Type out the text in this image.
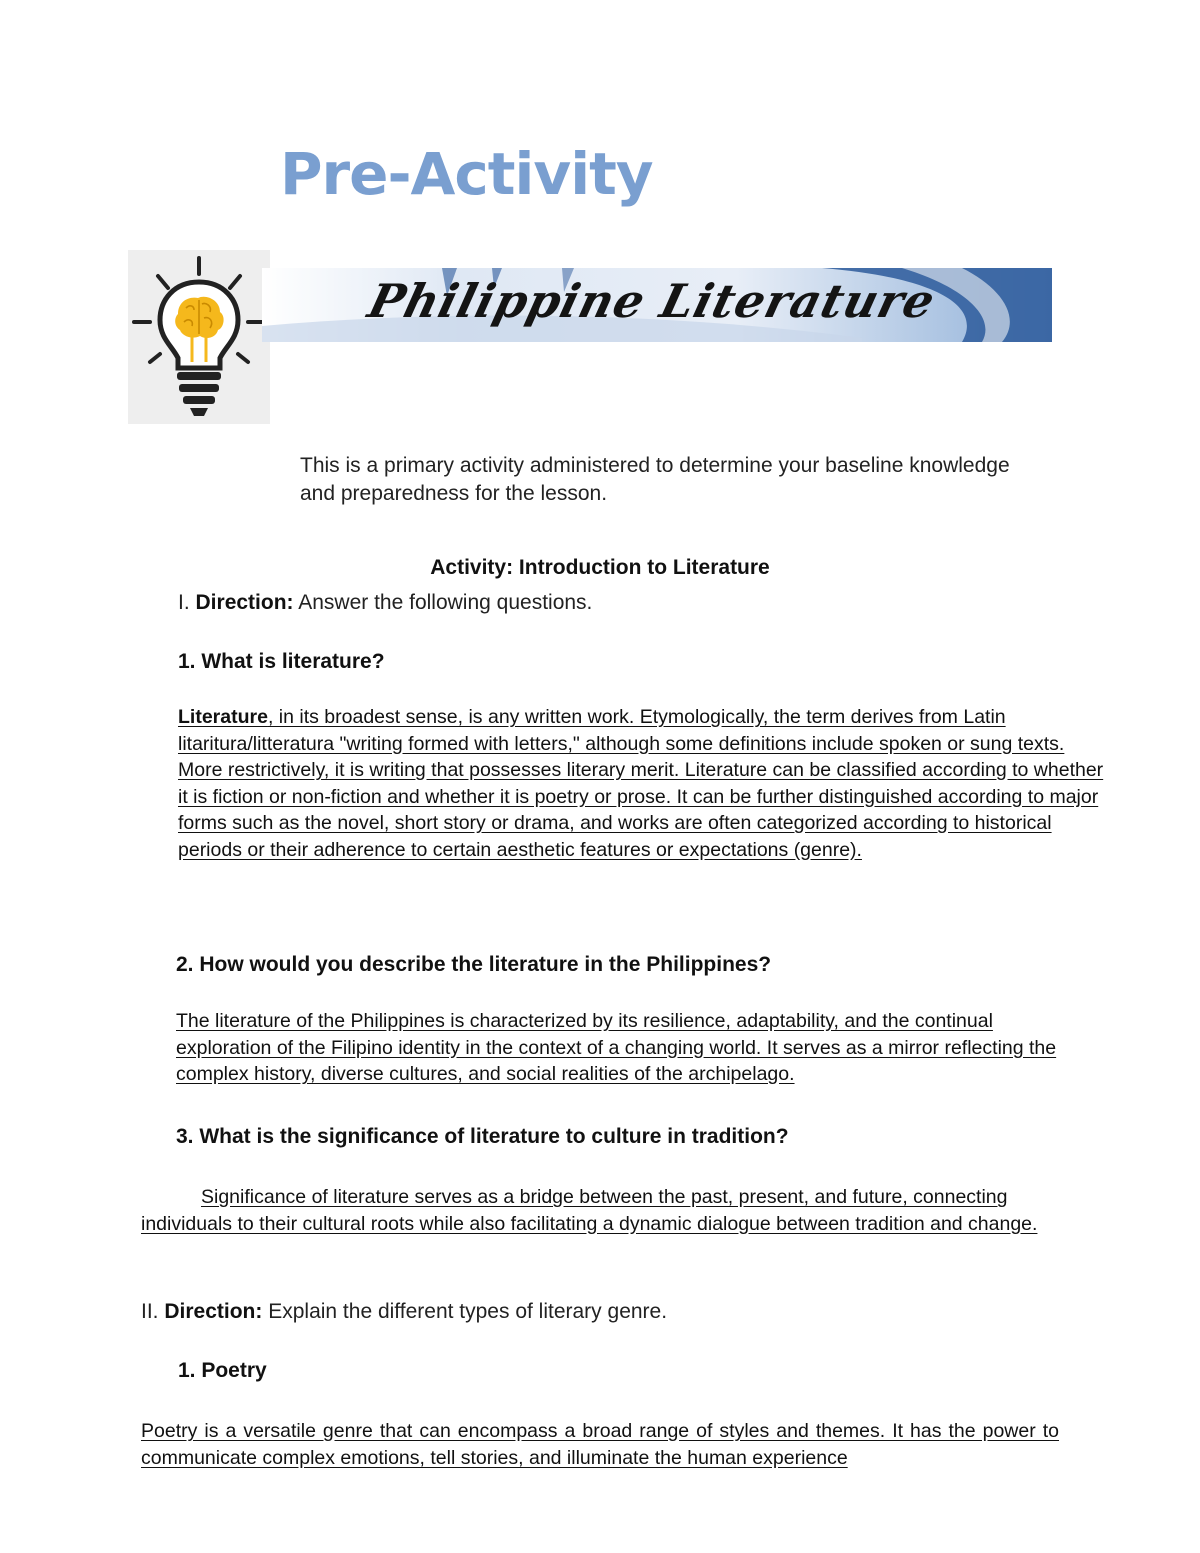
Pre-Activity
Philippine Literature
This is a primary activity administered to determine your baseline knowledge and preparedness for the lesson.
Activity: Introduction to Literature
I. Direction: Answer the following questions.
1. What is literature?
Literature, in its broadest sense, is any written work. Etymologically, the term derives from Latin litaritura/litteratura "writing formed with letters," although some definitions include spoken or sung texts. More restrictively, it is writing that possesses literary merit. Literature can be classified according to whether it is fiction or non-fiction and whether it is poetry or prose. It can be further distinguished according to major forms such as the novel, short story or drama, and works are often categorized according to historical periods or their adherence to certain aesthetic features or expectations (genre).
2. How would you describe the literature in the Philippines?
The literature of the Philippines is characterized by its resilience, adaptability, and the continual exploration of the Filipino identity in the context of a changing world. It serves as a mirror reflecting the complex history, diverse cultures, and social realities of the archipelago.
3. What is the significance of literature to culture in tradition?
Significance of literature serves as a bridge between the past, present, and future, connecting individuals to their cultural roots while also facilitating a dynamic dialogue between tradition and change.
II. Direction: Explain the different types of literary genre.
1. Poetry
Poetry is a versatile genre that can encompass a broad range of styles and themes. It has the power to communicate complex emotions, tell stories, and illuminate the human experience
